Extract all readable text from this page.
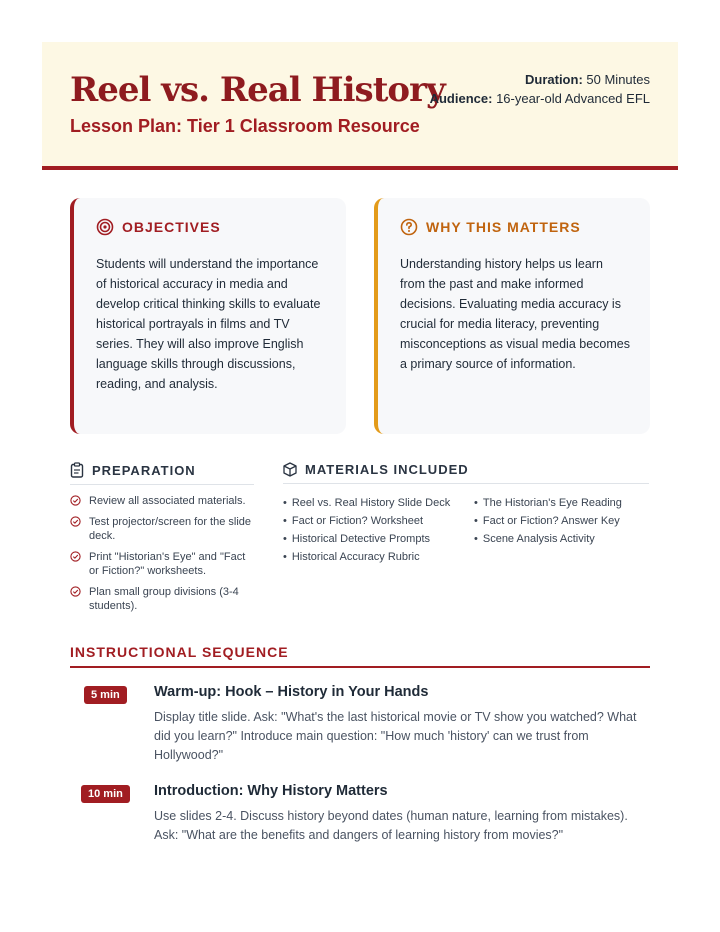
Reel vs. Real History
Lesson Plan: Tier 1 Classroom Resource
Duration: 50 Minutes
Audience: 16-year-old Advanced EFL
OBJECTIVES
Students will understand the importance of historical accuracy in media and develop critical thinking skills to evaluate historical portrayals in films and TV series. They will also improve English language skills through discussions, reading, and analysis.
WHY THIS MATTERS
Understanding history helps us learn from the past and make informed decisions. Evaluating media accuracy is crucial for media literacy, preventing misconceptions as visual media becomes a primary source of information.
PREPARATION
Review all associated materials.
Test projector/screen for the slide deck.
Print "Historian's Eye" and "Fact or Fiction?" worksheets.
Plan small group divisions (3-4 students).
MATERIALS INCLUDED
• Reel vs. Real History Slide Deck
• Fact or Fiction? Worksheet
• Historical Detective Prompts
• Historical Accuracy Rubric
• The Historian's Eye Reading
• Fact or Fiction? Answer Key
• Scene Analysis Activity
INSTRUCTIONAL SEQUENCE
5 min	Warm-up: Hook – History in Your Hands
Display title slide. Ask: "What's the last historical movie or TV show you watched? What did you learn?" Introduce main question: "How much 'history' can we trust from Hollywood?"
10 min	Introduction: Why History Matters
Use slides 2-4. Discuss history beyond dates (human nature, learning from mistakes). Ask: "What are the benefits and dangers of learning history from movies?"
